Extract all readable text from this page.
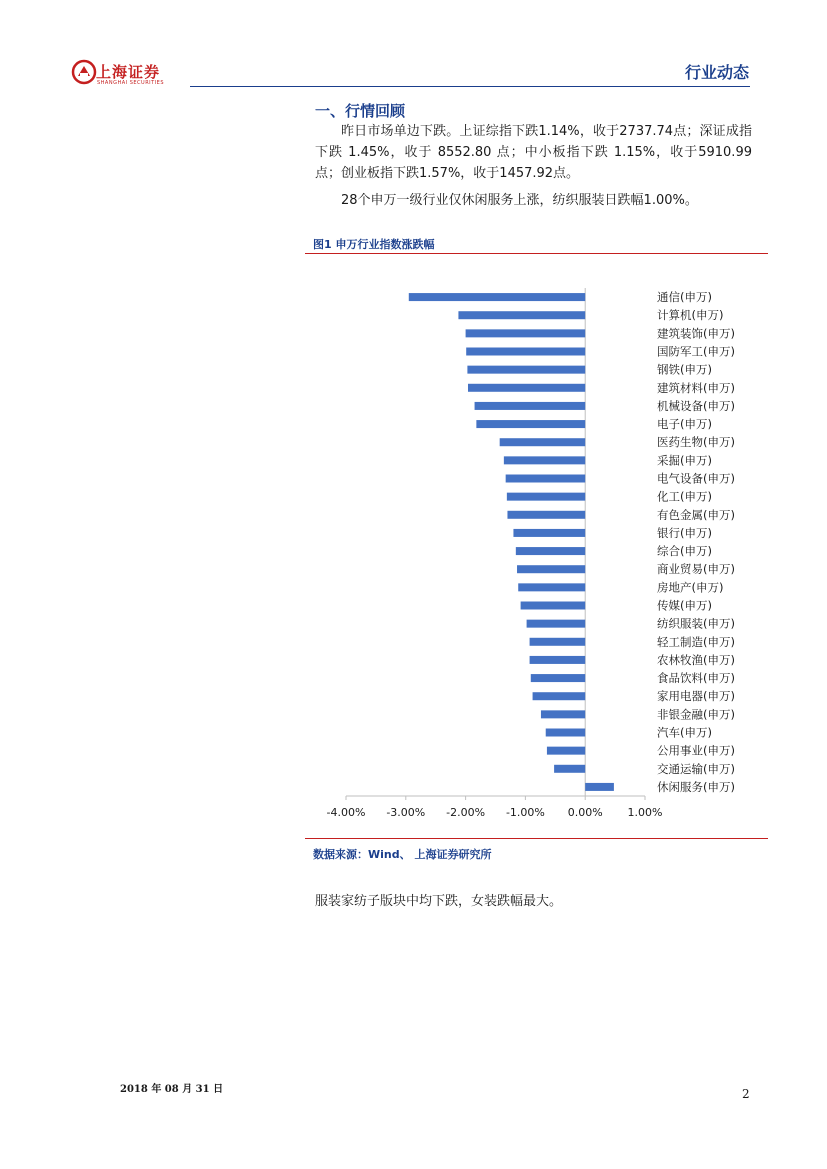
上海证券
SHANGHAI SECURITIES
行业动态
一、行情回顾
昨日市场单边下跌。上证综指下跌1.14%，收于2737.74点；深证成指下跌 1.45%，收于 8552.80 点；中小板指下跌 1.15%，收于5910.99点；创业板指下跌1.57%，收于1457.92点。
28个申万一级行业仅休闲服务上涨，纺织服装日跌幅1.00%。
图1 申万行业指数涨跌幅
-4.00% -3.00% -2.00% -1.00% 0.00% 1.00%
通信(申万)
计算机(申万)
建筑装饰(申万)
国防军工(申万)
钢铁(申万)
建筑材料(申万)
机械设备(申万)
电子(申万)
医药生物(申万)
采掘(申万)
电气设备(申万)
化工(申万)
有色金属(申万)
银行(申万)
综合(申万)
商业贸易(申万)
房地产(申万)
传媒(申万)
纺织服装(申万)
轻工制造(申万)
农林牧渔(申万)
食品饮料(申万)
家用电器(申万)
非银金融(申万)
汽车(申万)
公用事业(申万)
交通运输(申万)
休闲服务(申万)
数据来源：Wind、 上海证券研究所
服装家纺子版块中均下跌，女装跌幅最大。
2018 年 08 月 31 日	2
